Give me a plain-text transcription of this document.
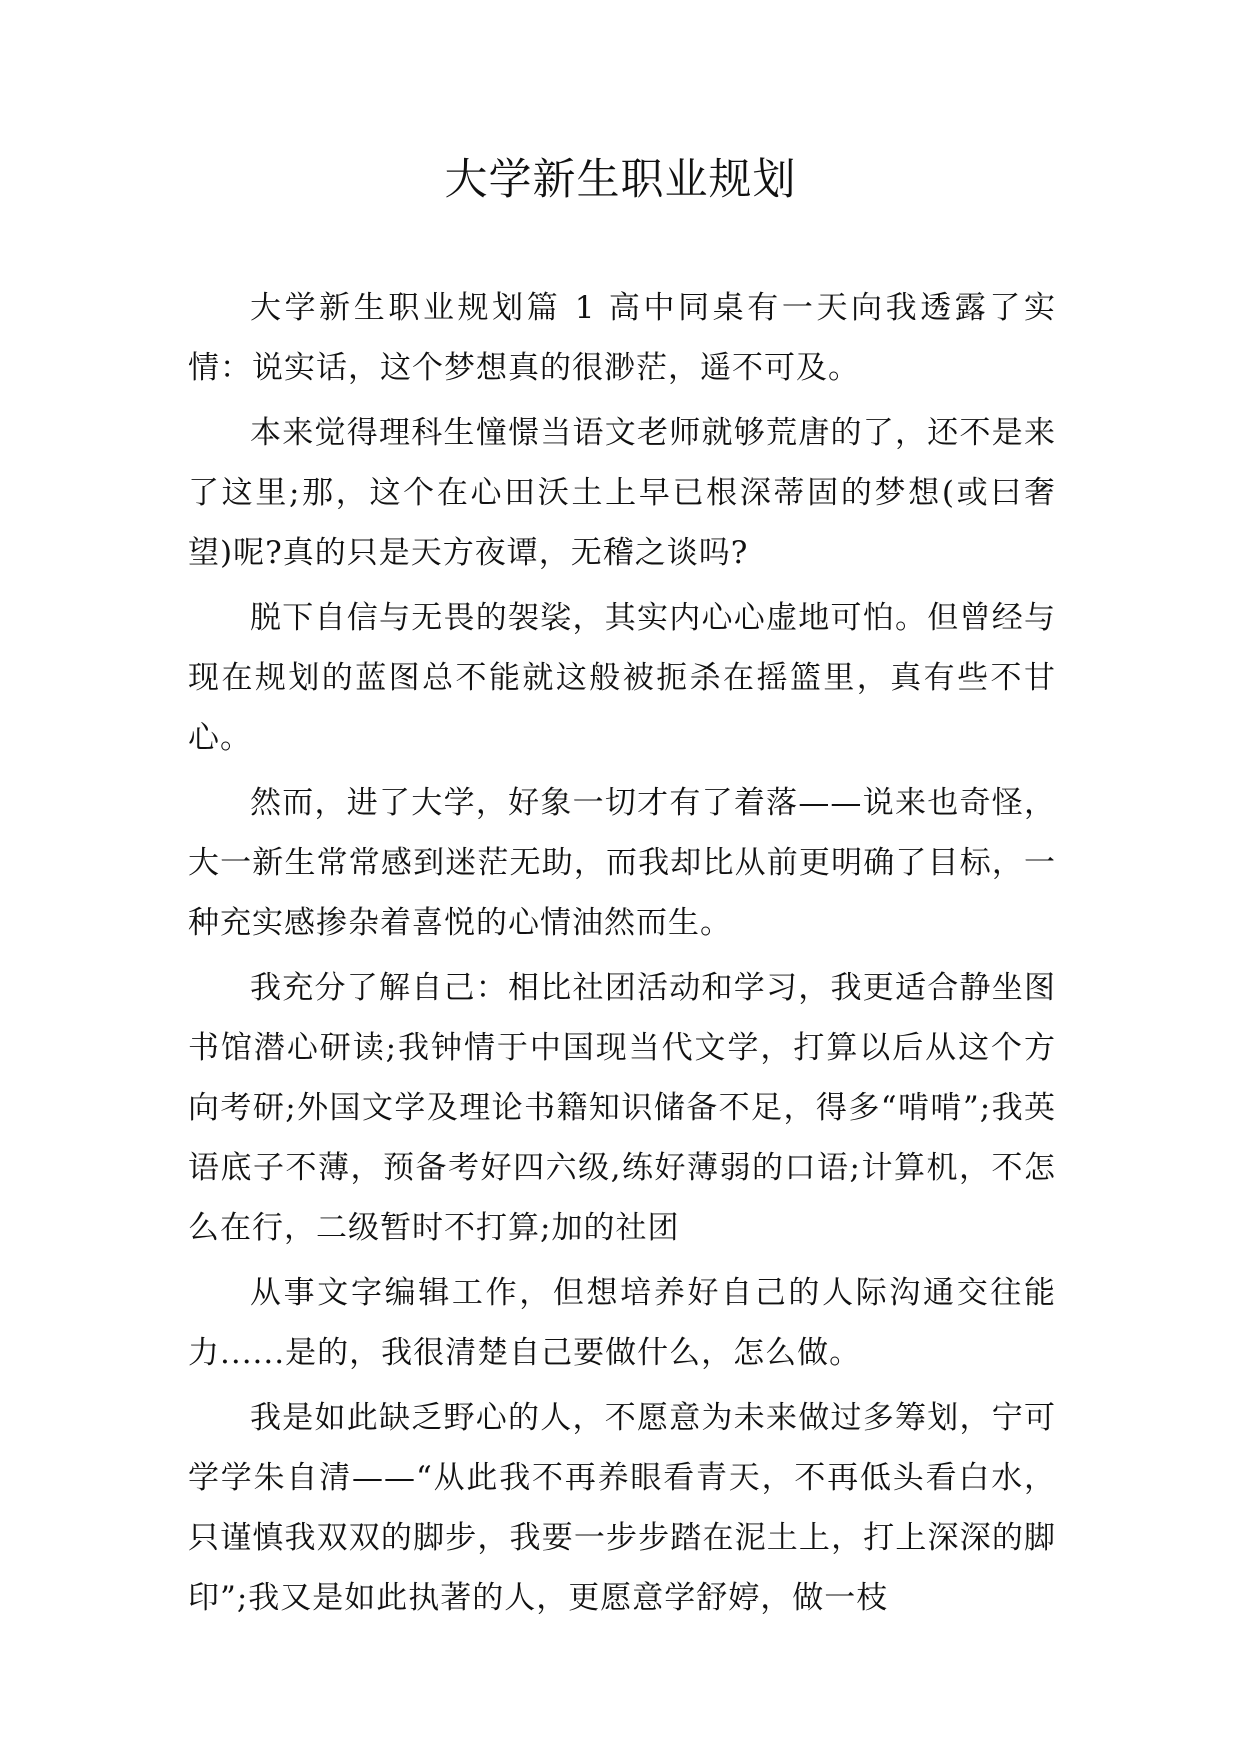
大学新生职业规划

大学新生职业规划篇 1 高中同桌有一天向我透露了实情：说实话，这个梦想真的很渺茫，遥不可及。

本来觉得理科生憧憬当语文老师就够荒唐的了，还不是来了这里;那，这个在心田沃土上早已根深蒂固的梦想(或曰奢望)呢?真的只是天方夜谭，无稽之谈吗?

脱下自信与无畏的袈裟，其实内心心虚地可怕。但曾经与现在规划的蓝图总不能就这般被扼杀在摇篮里，真有些不甘心。

然而，进了大学，好象一切才有了着落——说来也奇怪，大一新生常常感到迷茫无助，而我却比从前更明确了目标，一种充实感掺杂着喜悦的心情油然而生。

我充分了解自己：相比社团活动和学习，我更适合静坐图书馆潜心研读;我钟情于中国现当代文学，打算以后从这个方向考研;外国文学及理论书籍知识储备不足，得多“啃啃”;我英语底子不薄，预备考好四六级,练好薄弱的口语;计算机，不怎么在行，二级暂时不打算;加的社团

从事文字编辑工作，但想培养好自己的人际沟通交往能力......是的，我很清楚自己要做什么，怎么做。

我是如此缺乏野心的人，不愿意为未来做过多筹划，宁可学学朱自清——“从此我不再养眼看青天，不再低头看白水，只谨慎我双双的脚步，我要一步步踏在泥土上，打上深深的脚印”;我又是如此执著的人，更愿意学舒婷，做一枝
